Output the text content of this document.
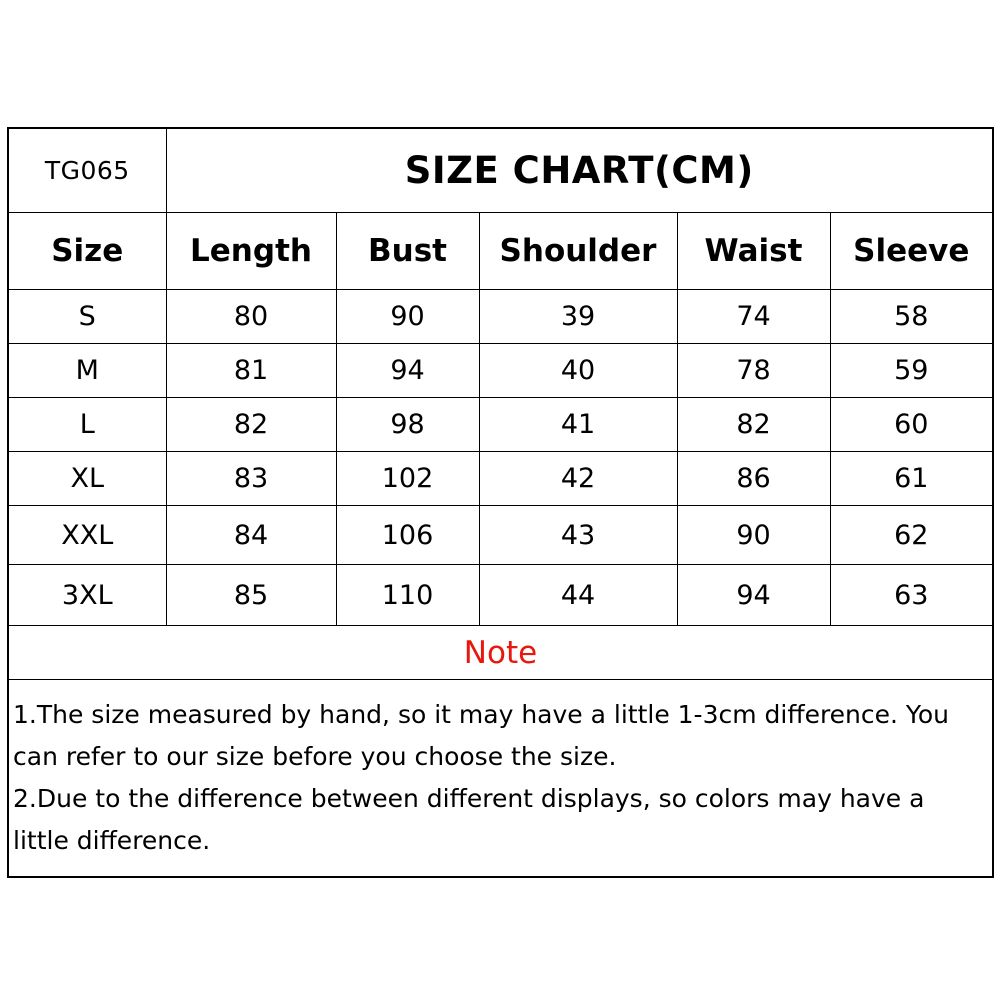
TG065	SIZE CHART(CM)				
Size	Length	Bust	Shoulder	Waist	Sleeve
S	80	90	39	74	58
M	81	94	40	78	59
L	82	98	41	82	60
XL	83	102	42	86	61
XXL	84	106	43	90	62
3XL	85	110	44	94	63
Note
1.The size measured by hand, so it may have a little 1-3cm difference. You
can refer to our size before you choose the size.
2.Due to the difference between different displays, so colors may have a
little difference.
